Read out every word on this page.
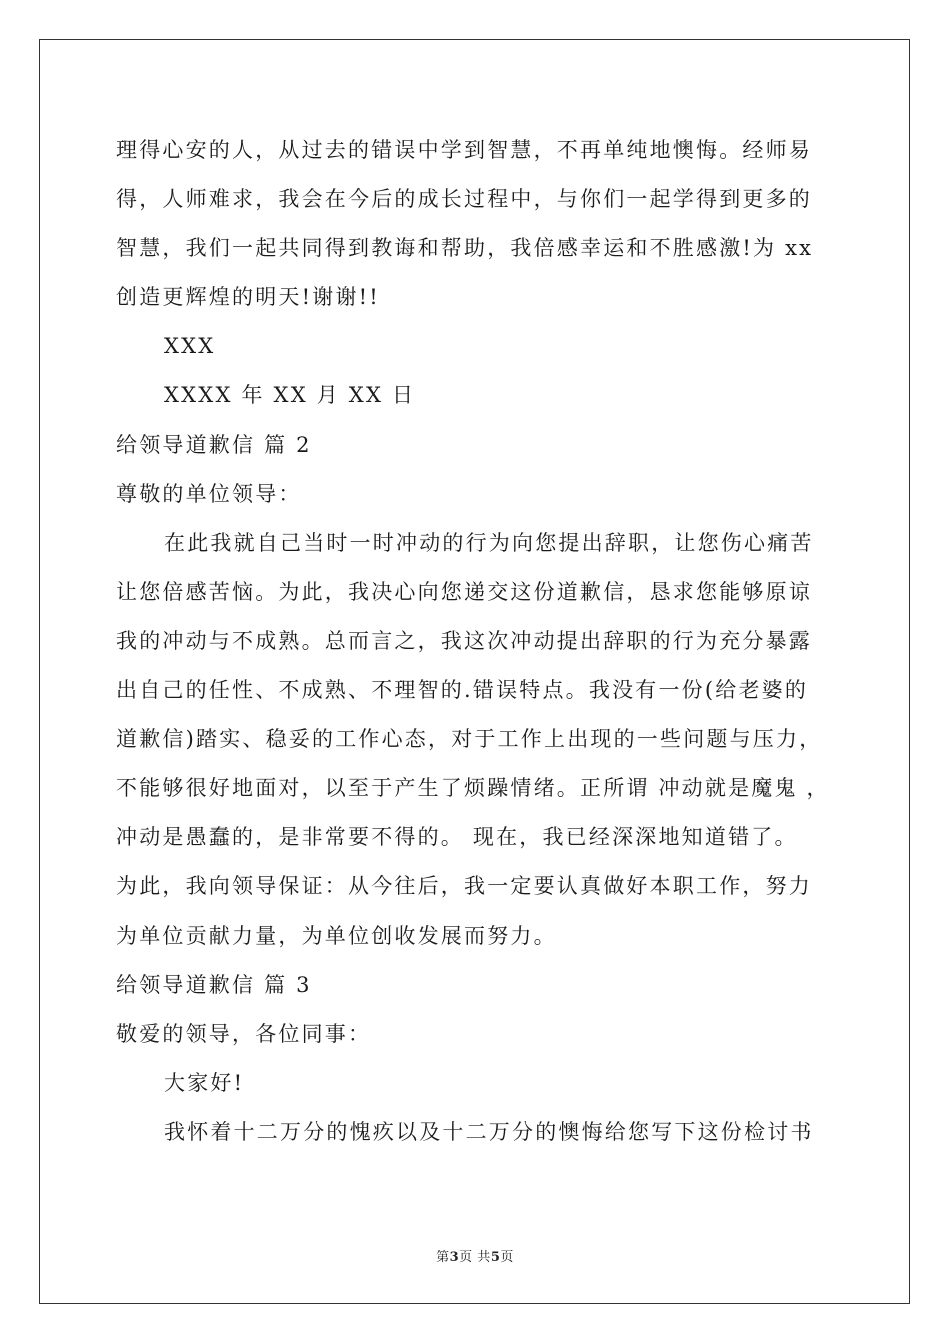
理得心安的人，从过去的错误中学到智慧，不再单纯地懊悔。经师易
得，人师难求，我会在今后的成长过程中，与你们一起学得到更多的
智慧，我们一起共同得到教诲和帮助，我倍感幸运和不胜感激!为 xx
创造更辉煌的明天!谢谢!!
XXX
XXXX 年 XX 月 XX 日
给领导道歉信 篇 2
尊敬的单位领导：
在此我就自己当时一时冲动的行为向您提出辞职，让您伤心痛苦
让您倍感苦恼。为此，我决心向您递交这份道歉信，恳求您能够原谅
我的冲动与不成熟。总而言之，我这次冲动提出辞职的行为充分暴露
出自己的任性、不成熟、不理智的.错误特点。我没有一份(给老婆的
道歉信)踏实、稳妥的工作心态，对于工作上出现的一些问题与压力，
不能够很好地面对，以至于产生了烦躁情绪。正所谓 冲动就是魔鬼 ，
冲动是愚蠢的，是非常要不得的。 现在，我已经深深地知道错了。
为此，我向领导保证：从今往后，我一定要认真做好本职工作，努力
为单位贡献力量，为单位创收发展而努力。
给领导道歉信 篇 3
敬爱的领导，各位同事：
大家好!
我怀着十二万分的愧疚以及十二万分的懊悔给您写下这份检讨书
第3页 共5页
